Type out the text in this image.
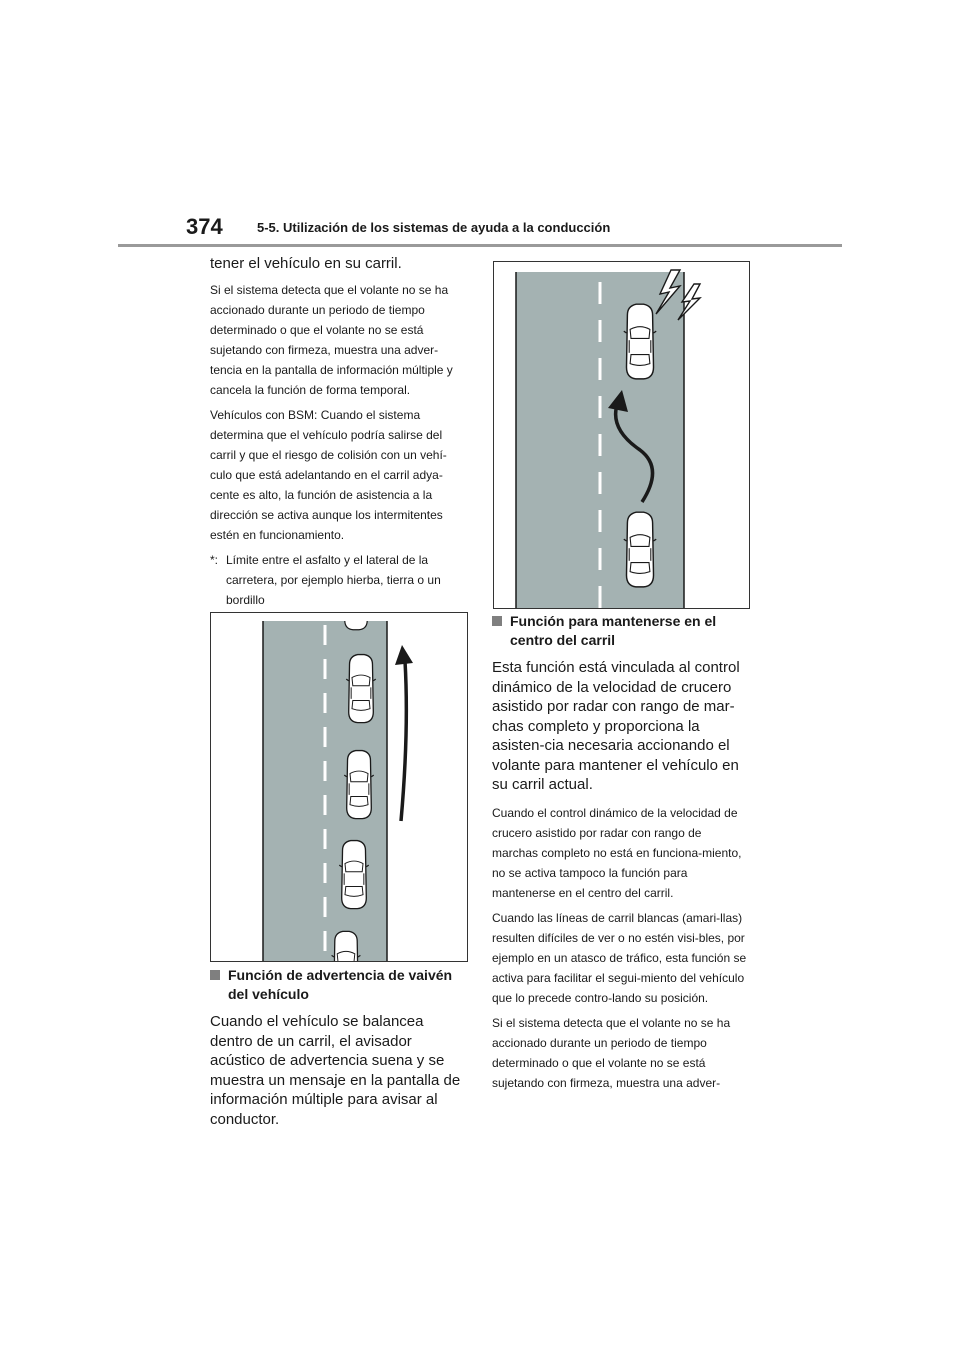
374	5-5. Utilización de los sistemas de ayuda a la conducción

tener el vehículo en su carril.

Si el sistema detecta que el volante no se ha accionado durante un periodo de tiempo determinado o que el volante no se está sujetando con firmeza, muestra una adver-tencia en la pantalla de información múltiple y cancela la función de forma temporal.

Vehículos con BSM: Cuando el sistema determina que el vehículo podría salirse del carril y que el riesgo de colisión con un vehí-culo que está adelantando en el carril adya-cente es alto, la función de asistencia a la dirección se activa aunque los intermitentes estén en funcionamiento.

*: Límite entre el asfalto y el lateral de la carretera, por ejemplo hierba, tierra o un bordillo

Función de advertencia de vaivén del vehículo

Cuando el vehículo se balancea dentro de un carril, el avisador acústico de advertencia suena y se muestra un mensaje en la pantalla de información múltiple para avisar al conductor.

Función para mantenerse en el centro del carril

Esta función está vinculada al control dinámico de la velocidad de crucero asistido por radar con rango de mar-chas completo y proporciona la asisten-cia necesaria accionando el volante para mantener el vehículo en su carril actual.

Cuando el control dinámico de la velocidad de crucero asistido por radar con rango de marchas completo no está en funciona-miento, no se activa tampoco la función para mantenerse en el centro del carril.

Cuando las líneas de carril blancas (amari-llas) resulten difíciles de ver o no estén visi-bles, por ejemplo en un atasco de tráfico, esta función se activa para facilitar el segui-miento del vehículo que lo precede contro-lando su posición.

Si el sistema detecta que el volante no se ha accionado durante un periodo de tiempo determinado o que el volante no se está sujetando con firmeza, muestra una adver-
